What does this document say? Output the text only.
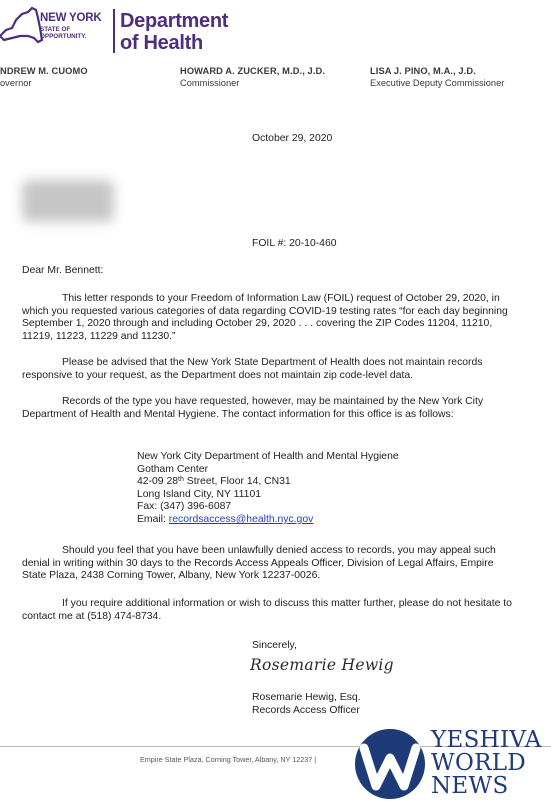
NEW YORK
STATE OF
OPPORTUNITY.
Department
of Health
NDREW M. CUOMO
overnor
HOWARD A. ZUCKER, M.D., J.D.
Commissioner
LISA J. PINO, M.A., J.D.
Executive Deputy Commissioner
October 29, 2020
FOIL #: 20-10-460
Dear Mr. Bennett:
This letter responds to your Freedom of Information Law (FOIL) request of October 29, 2020, in which you requested various categories of data regarding COVID-19 testing rates “for each day beginning September 1, 2020 through and including October 29, 2020 . . . covering the ZIP Codes 11204, 11210, 11219, 11223, 11229 and 11230.”
Please be advised that the New York State Department of Health does not maintain records responsive to your request, as the Department does not maintain zip code-level data.
Records of the type you have requested, however, may be maintained by the New York City Department of Health and Mental Hygiene. The contact information for this office is as follows:
New York City Department of Health and Mental Hygiene
Gotham Center
42-09 28th Street, Floor 14, CN31
Long Island City, NY 11101
Fax: (347) 396-6087
Email: recordsaccess@health.nyc.gov
Should you feel that you have been unlawfully denied access to records, you may appeal such denial in writing within 30 days to the Records Access Appeals Officer, Division of Legal Affairs, Empire State Plaza, 2438 Corning Tower, Albany, New York 12237-0026.
If you require additional information or wish to discuss this matter further, please do not hesitate to contact me at (518) 474-8734.
Sincerely,
Rosemarie Hewig
Rosemarie Hewig, Esq.
Records Access Officer
Empire State Plaza, Corning Tower, Albany, NY 12237 |
YESHIVA
WORLD
NEWS
